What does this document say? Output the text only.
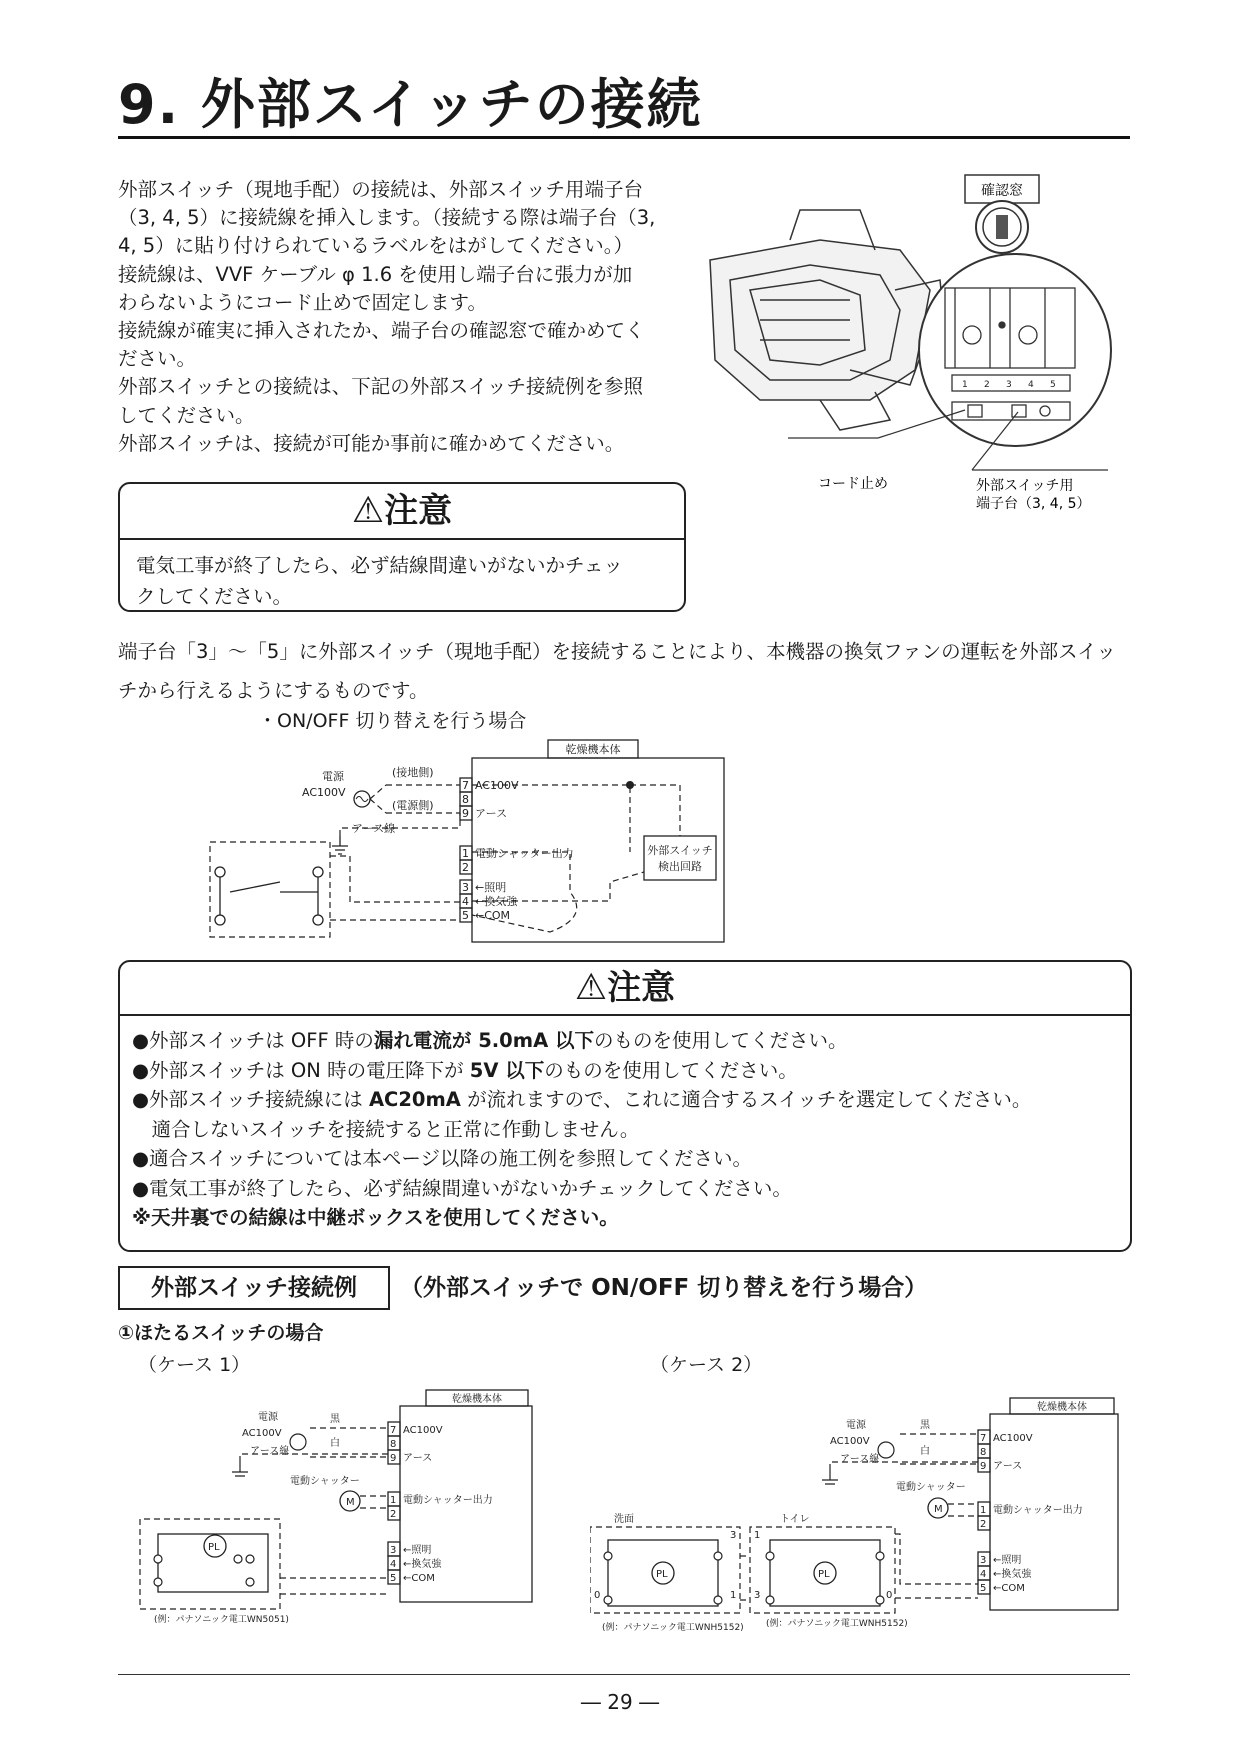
9. 外部スイッチの接続
外部スイッチ（現地手配）の接続は、外部スイッチ用端子台
（3, 4, 5）に接続線を挿入します。（接続する際は端子台（3,
4, 5）に貼り付けられているラベルをはがしてください。）
接続線は、VVF ケーブル φ 1.6 を使用し端子台に張力が加
わらないようにコード止めで固定します。
接続線が確実に挿入されたか、端子台の確認窓で確かめてく
ださい。
外部スイッチとの接続は、下記の外部スイッチ接続例を参照
してください。
外部スイッチは、接続が可能か事前に確かめてください。
確認窓
1 2 3 4 5
コード止め	外部スイッチ用
端子台（3, 4, 5）
⚠注意
電気工事が終了したら、必ず結線間違いがないかチェッ
クしてください。
端子台「3」～「5」に外部スイッチ（現地手配）を接続することにより、本機器の換気ファンの運転を外部スイッ
チから行えるようにするものです。
・ON/OFF 切り替えを行う場合
乾燥機本体
電源
AC100V
(接地側)
(電源側)
アース線
7
8
9
1
2
3
4
5
AC100V
アース
電動シャッター出力
←照明
←換気強
←COM
外部スイッチ
検出回路
⚠注意
●外部スイッチは OFF 時の漏れ電流が 5.0mA 以下のものを使用してください。
●外部スイッチは ON 時の電圧降下が 5V 以下のものを使用してください。
●外部スイッチ接続線には AC20mA が流れますので、これに適合するスイッチを選定してください。
　適合しないスイッチを接続すると正常に作動しません。
●適合スイッチについては本ページ以降の施工例を参照してください。
●電気工事が終了したら、必ず結線間違いがないかチェックしてください。
※天井裏での結線は中継ボックスを使用してください。
外部スイッチ接続例	（外部スイッチで ON/OFF 切り替えを行う場合）
①ほたるスイッチの場合
（ケース 1）	（ケース 2）
乾燥機本体
電源
AC100V
黒
白
アース線
電動シャッター
M
PL
7
8
9
1
2
3
4
5
AC100V
アース
電動シャッター出力
←照明
←換気強
←COM
(例：パナソニック電工WN5051)
乾燥機本体
電源
AC100V
黒
白
アース線
電動シャッター
M
PL	PL
洗面	トイレ
3 1
1 3
0	0
7
8
9
1
2
3
4
5
AC100V
アース
電動シャッター出力
←照明
←換気強
←COM
(例：パナソニック電工WNH5152) (例：パナソニック電工WNH5152)
― 29 ―
